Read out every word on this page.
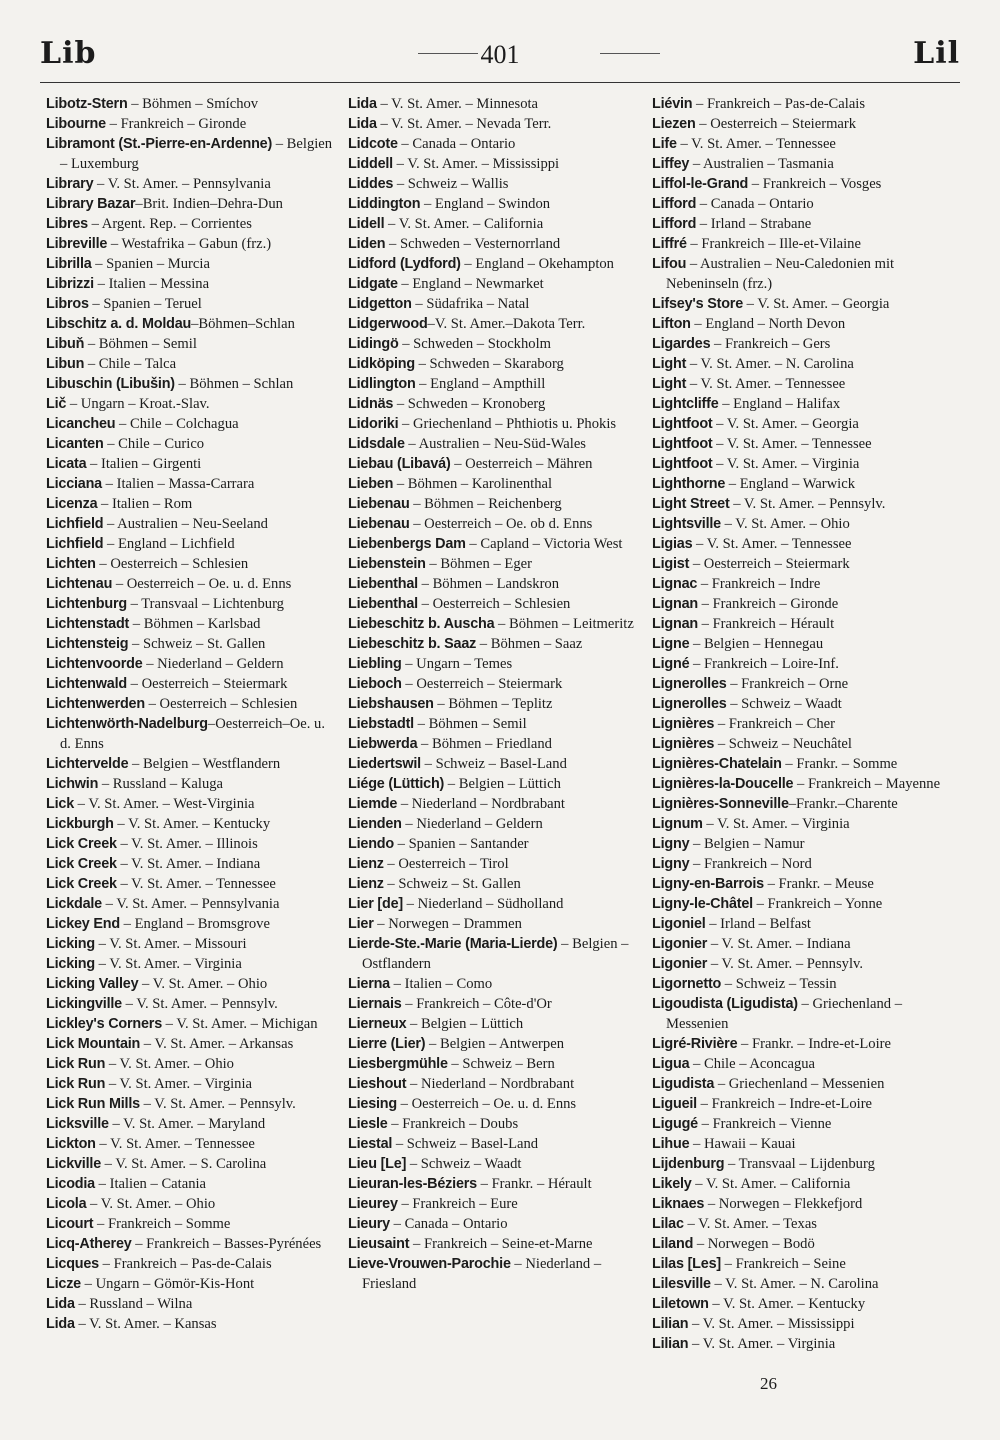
Lib	401	Lil

Libotz-Stern – Böhmen – Smíchov

Libourne – Frankreich – Gironde

Libramont (St.-Pierre-en-Ardenne) – Belgien – Luxemburg

Library – V. St. Amer. – Pennsylvania

Library Bazar–Brit. Indien–Dehra-Dun

Libres – Argent. Rep. – Corrientes

Libreville – Westafrika – Gabun (frz.)

Librilla – Spanien – Murcia

Librizzi – Italien – Messina

Libros – Spanien – Teruel

Libschitz a. d. Moldau–Böhmen–Schlan

Libuň – Böhmen – Semil

Libun – Chile – Talca

Libuschin (Libušin) – Böhmen – Schlan

Lič – Ungarn – Kroat.-Slav.

Licancheu – Chile – Colchagua

Licanten – Chile – Curico

Licata – Italien – Girgenti

Licciana – Italien – Massa-Carrara

Licenza – Italien – Rom

Lichfield – Australien – Neu-Seeland

Lichfield – England – Lichfield

Lichten – Oesterreich – Schlesien

Lichtenau – Oesterreich – Oe. u. d. Enns

Lichtenburg – Transvaal – Lichtenburg

Lichtenstadt – Böhmen – Karlsbad

Lichtensteig – Schweiz – St. Gallen

Lichtenvoorde – Niederland – Geldern

Lichtenwald – Oesterreich – Steiermark

Lichtenwerden – Oesterreich – Schlesien

Lichtenwörth-Nadelburg–Oesterreich–Oe. u. d. Enns

Lichtervelde – Belgien – Westflandern

Lichwin – Russland – Kaluga

Lick – V. St. Amer. – West-Virginia

Lickburgh – V. St. Amer. – Kentucky

Lick Creek – V. St. Amer. – Illinois

Lick Creek – V. St. Amer. – Indiana

Lick Creek – V. St. Amer. – Tennessee

Lickdale – V. St. Amer. – Pennsylvania

Lickey End – England – Bromsgrove

Licking – V. St. Amer. – Missouri

Licking – V. St. Amer. – Virginia

Licking Valley – V. St. Amer. – Ohio

Lickingville – V. St. Amer. – Pennsylv.

Lickley's Corners – V. St. Amer. – Michigan

Lick Mountain – V. St. Amer. – Arkansas

Lick Run – V. St. Amer. – Ohio

Lick Run – V. St. Amer. – Virginia

Lick Run Mills – V. St. Amer. – Pennsylv.

Licksville – V. St. Amer. – Maryland

Lickton – V. St. Amer. – Tennessee

Lickville – V. St. Amer. – S. Carolina

Licodia – Italien – Catania

Licola – V. St. Amer. – Ohio

Licourt – Frankreich – Somme

Licq-Atherey – Frankreich – Basses-Pyrénées

Licques – Frankreich – Pas-de-Calais

Licze – Ungarn – Gömör-Kis-Hont

Lida – Russland – Wilna

Lida – V. St. Amer. – Kansas

Lida – V. St. Amer. – Minnesota

Lida – V. St. Amer. – Nevada Terr.

Lidcote – Canada – Ontario

Liddell – V. St. Amer. – Mississippi

Liddes – Schweiz – Wallis

Liddington – England – Swindon

Lidell – V. St. Amer. – California

Liden – Schweden – Vesternorrland

Lidford (Lydford) – England – Okehampton

Lidgate – England – Newmarket

Lidgetton – Südafrika – Natal

Lidgerwood–V. St. Amer.–Dakota Terr.

Lidingö – Schweden – Stockholm

Lidköping – Schweden – Skaraborg

Lidlington – England – Ampthill

Lidnäs – Schweden – Kronoberg

Lidoriki – Griechenland – Phthiotis u. Phokis

Lidsdale – Australien – Neu-Süd-Wales

Liebau (Libavá) – Oesterreich – Mähren

Lieben – Böhmen – Karolinenthal

Liebenau – Böhmen – Reichenberg

Liebenau – Oesterreich – Oe. ob d. Enns

Liebenbergs Dam – Capland – Victoria West

Liebenstein – Böhmen – Eger

Liebenthal – Böhmen – Landskron

Liebenthal – Oesterreich – Schlesien

Liebeschitz b. Auscha – Böhmen – Leitmeritz

Liebeschitz b. Saaz – Böhmen – Saaz

Liebling – Ungarn – Temes

Lieboch – Oesterreich – Steiermark

Liebshausen – Böhmen – Teplitz

Liebstadtl – Böhmen – Semil

Liebwerda – Böhmen – Friedland

Liedertswil – Schweiz – Basel-Land

Liége (Lüttich) – Belgien – Lüttich

Liemde – Niederland – Nordbrabant

Lienden – Niederland – Geldern

Liendo – Spanien – Santander

Lienz – Oesterreich – Tirol

Lienz – Schweiz – St. Gallen

Lier [de] – Niederland – Südholland

Lier – Norwegen – Drammen

Lierde-Ste.-Marie (Maria-Lierde) – Belgien – Ostflandern

Lierna – Italien – Como

Liernais – Frankreich – Côte-d'Or

Lierneux – Belgien – Lüttich

Lierre (Lier) – Belgien – Antwerpen

Liesbergmühle – Schweiz – Bern

Lieshout – Niederland – Nordbrabant

Liesing – Oesterreich – Oe. u. d. Enns

Liesle – Frankreich – Doubs

Liestal – Schweiz – Basel-Land

Lieu [Le] – Schweiz – Waadt

Lieuran-les-Béziers – Frankr. – Hérault

Lieurey – Frankreich – Eure

Lieury – Canada – Ontario

Lieusaint – Frankreich – Seine-et-Marne

Lieve-Vrouwen-Parochie – Niederland – Friesland

Liévin – Frankreich – Pas-de-Calais

Liezen – Oesterreich – Steiermark

Life – V. St. Amer. – Tennessee

Liffey – Australien – Tasmania

Liffol-le-Grand – Frankreich – Vosges

Lifford – Canada – Ontario

Lifford – Irland – Strabane

Liffré – Frankreich – Ille-et-Vilaine

Lifou – Australien – Neu-Caledonien mit Nebeninseln (frz.)

Lifsey's Store – V. St. Amer. – Georgia

Lifton – England – North Devon

Ligardes – Frankreich – Gers

Light – V. St. Amer. – N. Carolina

Light – V. St. Amer. – Tennessee

Lightcliffe – England – Halifax

Lightfoot – V. St. Amer. – Georgia

Lightfoot – V. St. Amer. – Tennessee

Lightfoot – V. St. Amer. – Virginia

Lighthorne – England – Warwick

Light Street – V. St. Amer. – Pennsylv.

Lightsville – V. St. Amer. – Ohio

Ligias – V. St. Amer. – Tennessee

Ligist – Oesterreich – Steiermark

Lignac – Frankreich – Indre

Lignan – Frankreich – Gironde

Lignan – Frankreich – Hérault

Ligne – Belgien – Hennegau

Ligné – Frankreich – Loire-Inf.

Lignerolles – Frankreich – Orne

Lignerolles – Schweiz – Waadt

Lignières – Frankreich – Cher

Lignières – Schweiz – Neuchâtel

Lignières-Chatelain – Frankr. – Somme

Lignières-la-Doucelle – Frankreich – Mayenne

Lignières-Sonneville–Frankr.–Charente

Lignum – V. St. Amer. – Virginia

Ligny – Belgien – Namur

Ligny – Frankreich – Nord

Ligny-en-Barrois – Frankr. – Meuse

Ligny-le-Châtel – Frankreich – Yonne

Ligoniel – Irland – Belfast

Ligonier – V. St. Amer. – Indiana

Ligonier – V. St. Amer. – Pennsylv.

Ligornetto – Schweiz – Tessin

Ligoudista (Ligudista) – Griechenland – Messenien

Ligré-Rivière – Frankr. – Indre-et-Loire

Ligua – Chile – Aconcagua

Ligudista – Griechenland – Messenien

Ligueil – Frankreich – Indre-et-Loire

Ligugé – Frankreich – Vienne

Lihue – Hawaii – Kauai

Lijdenburg – Transvaal – Lijdenburg

Likely – V. St. Amer. – California

Liknaes – Norwegen – Flekkefjord

Lilac – V. St. Amer. – Texas

Liland – Norwegen – Bodö

Lilas [Les] – Frankreich – Seine

Lilesville – V. St. Amer. – N. Carolina

Liletown – V. St. Amer. – Kentucky

Lilian – V. St. Amer. – Mississippi

Lilian – V. St. Amer. – Virginia

26
